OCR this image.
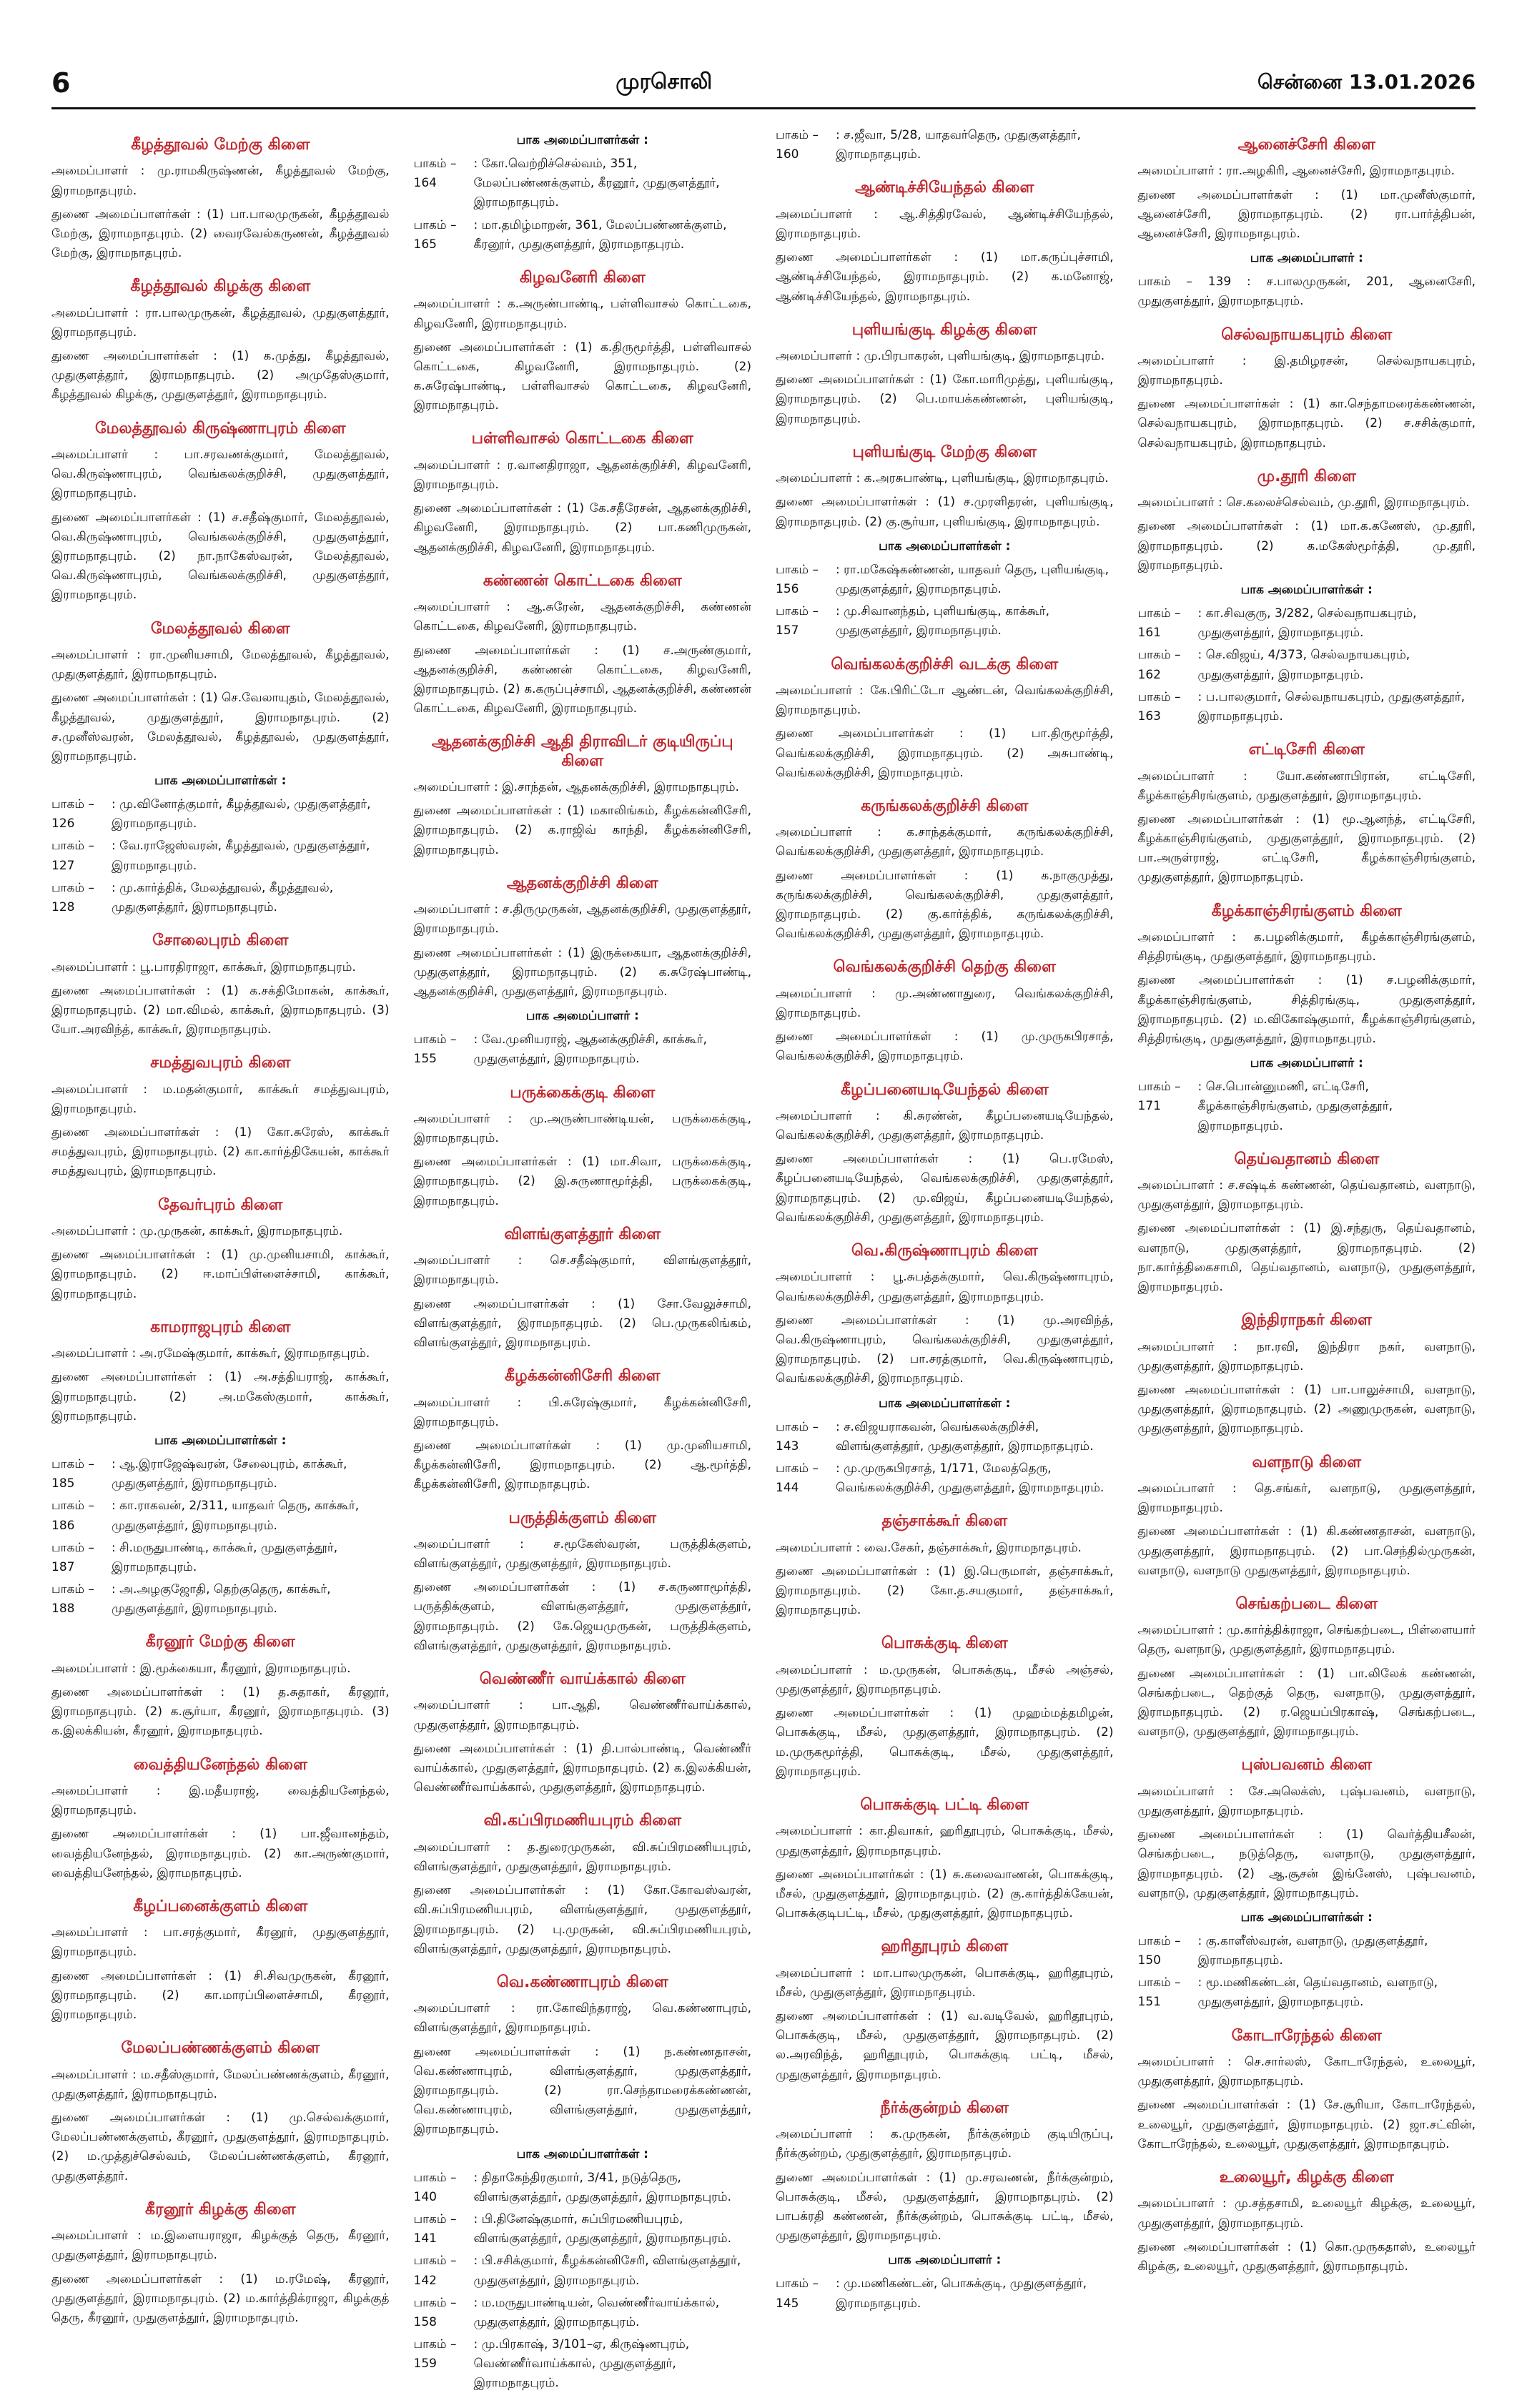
6	முரசொலி	சென்னை 13.01.2026
கீழத்தூவல் மேற்கு கிளை

அமைப்பாளர் : மு.ராமகிருஷ்ணன், கீழத்தூவல் மேற்கு, இராமநாதபுரம்.

துணை அமைப்பாளர்கள் : (1) பா.பாலமுருகன், கீழத்தூவல் மேற்கு, இராமநாதபுரம். (2) வைரவேல்கருணன், கீழத்தூவல் மேற்கு, இராமநாதபுரம்.

கீழத்தூவல் கிழக்கு கிளை

அமைப்பாளர் : ரா.பாலமுருகன், கீழத்தூவல், முதுகுளத்தூர், இராமநாதபுரம்.

துணை அமைப்பாளர்கள் : (1) க.முத்து, கீழத்தூவல், முதுகுளத்தூர், இராமநாதபுரம். (2) அமுதேஸ்குமார், கீழத்தூவல் கிழக்கு, முதுகுளத்தூர், இராமநாதபுரம்.

மேலத்தூவல் கிருஷ்ணாபுரம் கிளை

அமைப்பாளர் : பா.சரவணக்குமார், மேலத்தூவல், வெ.கிருஷ்ணாபுரம், வெங்கலக்குறிச்சி, முதுகுளத்தூர், இராமநாதபுரம்.

துணை அமைப்பாளர்கள் : (1) ச.சதீஷ்குமார், மேலத்தூவல், வெ.கிருஷ்ணாபுரம், வெங்கலக்குறிச்சி, முதுகுளத்தூர், இராமநாதபுரம். (2) நா.நாகேஸ்வரன், மேலத்தூவல், வெ.கிருஷ்ணாபுரம், வெங்கலக்குறிச்சி, முதுகுளத்தூர், இராமநாதபுரம்.

மேலத்தூவல் கிளை

அமைப்பாளர் : ரா.முனியசாமி, மேலத்தூவல், கீழத்தூவல், முதுகுளத்தூர், இராமநாதபுரம்.

துணை அமைப்பாளர்கள் : (1) செ.வேலாயுதம், மேலத்தூவல், கீழத்தூவல், முதுகுளத்தூர், இராமநாதபுரம். (2) ச.முனீஸ்வரன், மேலத்தூவல், கீழத்தூவல், முதுகுளத்தூர், இராமநாதபுரம்.

பாக அமைப்பாளர்கள் :
பாகம் – 126
: மு.வினோத்குமார், கீழத்தூவல், முதுகுளத்தூர், இராமநாதபுரம்.
பாகம் – 127
: வே.ராஜேஸ்வரன், கீழத்தூவல், முதுகுளத்தூர், இராமநாதபுரம்.
பாகம் – 128
: மு.கார்த்திக், மேலத்தூவல், கீழத்தூவல், முதுகுளத்தூர், இராமநாதபுரம்.
சோலைபுரம் கிளை

அமைப்பாளர் : பூ.பாரதிராஜா, காக்கூர், இராமநாதபுரம்.

துணை அமைப்பாளர்கள் : (1) க.சக்திமோகன், காக்கூர், இராமநாதபுரம். (2) மா.விமல், காக்கூர், இராமநாதபுரம். (3) யோ.அரவிந்த், காக்கூர், இராமநாதபுரம்.

சமத்துவபுரம் கிளை

அமைப்பாளர் : ம.மதன்குமார், காக்கூர் சமத்துவபுரம், இராமநாதபுரம்.

துணை அமைப்பாளர்கள் : (1) கோ.சுரேஸ், காக்கூர் சமத்துவபுரம், இராமநாதபுரம். (2) கா.கார்த்திகேயன், காக்கூர் சமத்துவபுரம், இராமநாதபுரம்.

தேவர்புரம் கிளை

அமைப்பாளர் : மு.முருகன், காக்கூர், இராமநாதபுரம்.

துணை அமைப்பாளர்கள் : (1) மு.முனியசாமி, காக்கூர், இராமநாதபுரம். (2) ஈ.மாப்பிள்ளைச்சாமி, காக்கூர், இராமநாதபுரம்.

காமராஜபுரம் கிளை

அமைப்பாளர் : அ.ரமேஷ்குமார், காக்கூர், இராமநாதபுரம்.

துணை அமைப்பாளர்கள் : (1) அ.சத்தியராஜ், காக்கூர், இராமநாதபுரம். (2) அ.மகேஸ்குமார், காக்கூர், இராமநாதபுரம்.

பாக அமைப்பாளர்கள் :
பாகம் – 185
: ஆ.இராஜேஷ்வரன், சேலைபுரம், காக்கூர், முதுகுளத்தூர், இராமநாதபுரம்.
பாகம் – 186
: கா.ராகவன், 2/311, யாதவர் தெரு, காக்கூர், முதுகுளத்தூர், இராமநாதபுரம்.
பாகம் – 187
: சி.மருதுபாண்டி, காக்கூர், முதுகுளத்தூர், இராமநாதபுரம்.
பாகம் – 188
: அ.அழகுஜோதி, தெற்குதெரு, காக்கூர், முதுகுளத்தூர், இராமநாதபுரம்.
கீரனூர் மேற்கு கிளை

அமைப்பாளர் : இ.மூக்கையா, கீரனூர், இராமநாதபுரம்.

துணை அமைப்பாளர்கள் : (1) த.சுதாகர், கீரனூர், இராமநாதபுரம். (2) க.சூர்யா, கீரனூர், இராமநாதபுரம். (3) க.இலக்கியன், கீரனூர், இராமநாதபுரம்.

வைத்தியனேந்தல் கிளை

அமைப்பாளர் : இ.மதீயராஜ், வைத்தியனேந்தல், இராமநாதபுரம்.

துணை அமைப்பாளர்கள் : (1) பா.ஜீவானந்தம், வைத்தியனேந்தல், இராமநாதபுரம். (2) கா.அருண்குமார், வைத்தியனேந்தல், இராமநாதபுரம்.

கீழப்பனைக்குளம் கிளை

அமைப்பாளர் : பா.சரத்குமார், கீரனூர், முதுகுளத்தூர், இராமநாதபுரம்.

துணை அமைப்பாளர்கள் : (1) சி.சிவமுருகன், கீரனூர், இராமநாதபுரம். (2) கா.மாரப்பிளைச்சாமி, கீரனூர், இராமநாதபுரம்.

மேலப்பண்ணக்குளம் கிளை

அமைப்பாளர் : ம.சதீஸ்குமார், மேலப்பண்ணக்குளம், கீரனூர், முதுகுளத்தூர், இராமநாதபுரம்.

துணை அமைப்பாளர்கள் : (1) மு.செல்வக்குமார், மேலப்பண்ணக்குளம், கீரனூர், முதுகுளத்தூர், இராமநாதபுரம். (2) ம.முத்துச்செல்வம், மேலப்பண்ணக்குளம், கீரனூர், முதுகுளத்தூர்.

கீரனூர் கிழக்கு கிளை

அமைப்பாளர் : ம.இளையராஜா, கிழக்குத் தெரு, கீரனூர், முதுகுளத்தூர், இராமநாதபுரம்.

துணை அமைப்பாளர்கள் : (1) ம.ரமேஷ், கீரனூர், முதுகுளத்தூர், இராமநாதபுரம். (2) ம.கார்த்திக்ராஜா, கிழக்குத் தெரு, கீரனூர், முதுகுளத்தூர், இராமநாதபுரம்.

பாக அமைப்பாளர்கள் :
பாகம் – 164
: கோ.வெற்றிச்செல்வம், 351, மேலப்பண்ணக்குளம், கீரனூர், முதுகுளத்தூர், இராமநாதபுரம்.
பாகம் – 165
: மா.தமிழ்மாறன், 361, மேலப்பண்ணக்குளம், கீரனூர், முதுகுளத்தூர், இராமநாதபுரம்.
கிழவனேரி கிளை

அமைப்பாளர் : க.அருண்பாண்டி, பள்ளிவாசல் கொட்டகை, கிழவனேரி, இராமநாதபுரம்.

துணை அமைப்பாளர்கள் : (1) க.திருமூர்த்தி, பள்ளிவாசல் கொட்டகை, கிழவனேரி, இராமநாதபுரம். (2) க.சுரேஷ்பாண்டி, பள்ளிவாசல் கொட்டகை, கிழவனேரி, இராமநாதபுரம்.

பள்ளிவாசல் கொட்டகை கிளை

அமைப்பாளர் : ர.வானதிராஜா, ஆதனக்குறிச்சி, கிழவனேரி, இராமநாதபுரம்.

துணை அமைப்பாளர்கள் : (1) கே.சதீரேசன், ஆதனக்குறிச்சி, கிழவனேரி, இராமநாதபுரம். (2) பா.கணிமுருகன், ஆதனக்குறிச்சி, கிழவனேரி, இராமநாதபுரம்.

கண்ணன் கொட்டகை கிளை

அமைப்பாளர் : ஆ.சுரேன், ஆதனக்குறிச்சி, கண்ணன் கொட்டகை, கிழவனேரி, இராமநாதபுரம்.

துணை அமைப்பாளர்கள் : (1) ச.அருண்குமார், ஆதனக்குறிச்சி, கண்ணன் கொட்டகை, கிழவனேரி, இராமநாதபுரம். (2) க.கருப்புச்சாமி, ஆதனக்குறிச்சி, கண்ணன் கொட்டகை, கிழவனேரி, இராமநாதபுரம்.

ஆதனக்குறிச்சி ஆதி திராவிடர் குடியிருப்பு கிளை

அமைப்பாளர் : இ.சாந்தன், ஆதனக்குறிச்சி, இராமநாதபுரம்.

துணை அமைப்பாளர்கள் : (1) மகாலிங்கம், கீழக்கன்னிசேரி, இராமநாதபுரம். (2) க.ராஜிவ் காந்தி, கீழக்கன்னிசேரி, இராமநாதபுரம்.

ஆதனக்குறிச்சி கிளை

அமைப்பாளர் : ச.திருமுருகன், ஆதனக்குறிச்சி, முதுகுளத்தூர், இராமநாதபுரம்.

துணை அமைப்பாளர்கள் : (1) இருக்கையா, ஆதனக்குறிச்சி, முதுகுளத்தூர், இராமநாதபுரம். (2) க.சுரேஷ்பாண்டி, ஆதனக்குறிச்சி, முதுகுளத்தூர், இராமநாதபுரம்.

பாக அமைப்பாளர் :
பாகம் – 155
: வே.முனியராஜ், ஆதனக்குறிச்சி, காக்கூர், முதுகுளத்தூர், இராமநாதபுரம்.
பருக்கைக்குடி கிளை

அமைப்பாளர் : மு.அருண்பாண்டியன், பருக்கைக்குடி, இராமநாதபுரம்.

துணை அமைப்பாளர்கள் : (1) மா.சிவா, பருக்கைக்குடி, இராமநாதபுரம். (2) இ.சுருணாமூர்த்தி, பருக்கைக்குடி, இராமநாதபுரம்.

விளங்குளத்தூர் கிளை

அமைப்பாளர் : செ.சதீஷ்குமார், விளங்குளத்தூர், இராமநாதபுரம்.

துணை அமைப்பாளர்கள் : (1) சோ.வேலுச்சாமி, விளங்குளத்தூர், இராமநாதபுரம். (2) பெ.முருகலிங்கம், விளங்குளத்தூர், இராமநாதபுரம்.

கீழக்கன்னிசேரி கிளை

அமைப்பாளர் : பி.சுரேஷ்குமார், கீழக்கன்னிசேரி, இராமநாதபுரம்.

துணை அமைப்பாளர்கள் : (1) மு.முனியசாமி, கீழக்கன்னிசேரி, இராமநாதபுரம். (2) ஆ.மூர்த்தி, கீழக்கன்னிசேரி, இராமநாதபுரம்.

பருத்திக்குளம் கிளை

அமைப்பாளர் : ச.மூகேஸ்வரன், பருத்திக்குளம், விளங்குளத்தூர், முதுகுளத்தூர், இராமநாதபுரம்.

துணை அமைப்பாளர்கள் : (1) ச.கருணாமூர்த்தி, பருத்திக்குளம், விளங்குளத்தூர், முதுகுளத்தூர், இராமநாதபுரம். (2) கே.ஜெயமுருகன், பருத்திக்குளம், விளங்குளத்தூர், முதுகுளத்தூர், இராமநாதபுரம்.

வெண்ணீர் வாய்க்கால் கிளை

அமைப்பாளர் : பா.ஆதி, வெண்ணீர்வாய்க்கால், முதுகுளத்தூர், இராமநாதபுரம்.

துணை அமைப்பாளர்கள் : (1) தி.பால்பாண்டி, வெண்ணீர் வாய்க்கால், முதுகுளத்தூர், இராமநாதபுரம். (2) க.இலக்கியன், வெண்ணீர்வாய்க்கால், முதுகுளத்தூர், இராமநாதபுரம்.

வி.கப்பிரமணியபுரம் கிளை

அமைப்பாளர் : த.துரைமுருகன், வி.சுப்பிரமணியபுரம், விளங்குளத்தூர், முதுகுளத்தூர், இராமநாதபுரம்.

துணை அமைப்பாளர்கள் : (1) கோ.கோவஸ்வரன், வி.சுப்பிரமணியபுரம், விளங்குளத்தூர், முதுகுளத்தூர், இராமநாதபுரம். (2) பு.முருகன், வி.சுப்பிரமணியபுரம், விளங்குளத்தூர், முதுகுளத்தூர், இராமநாதபுரம்.

வெ.கண்ணாபுரம் கிளை

அமைப்பாளர் : ரா.கோவிந்தராஜ், வெ.கண்ணாபுரம், விளங்குளத்தூர், இராமநாதபுரம்.

துணை அமைப்பாளர்கள் : (1) ந.கண்ணதாசன், வெ.கண்ணாபுரம், விளங்குளத்தூர், முதுகுளத்தூர், இராமநாதபுரம். (2) ரா.செந்தாமரைக்கண்ணன், வெ.கண்ணாபுரம், விளங்குளத்தூர், முதுகுளத்தூர், இராமநாதபுரம்.

பாக அமைப்பாளர்கள் :
பாகம் – 140
: திதாகேந்திரகுமார், 3/41, நடுத்தெரு, விளங்குளத்தூர், முதுகுளத்தூர், இராமநாதபுரம்.
பாகம் – 141
: பி.தினேஷ்குமார், சுப்பிரமணியபுரம், விளங்குளத்தூர், முதுகுளத்தூர், இராமநாதபுரம்.
பாகம் – 142
: பி.சசிக்குமார், கீழக்கன்னிசேரி, விளங்குளத்தூர், முதுகுளத்தூர், இராமநாதபுரம்.
பாகம் – 158
: ம.மருதுபாண்டியன், வெண்ணீர்வாய்க்கால், முதுகுளத்தூர், இராமநாதபுரம்.
பாகம் – 159
: மு.பிரகாஷ், 3/101–ஏ, கிருஷ்ணபுரம், வெண்ணீர்வாய்க்கால், முதுகுளத்தூர், இராமநாதபுரம்.
பாகம் – 160
: ச.ஜீவா, 5/28, யாதவர்தெரு, முதுகுளத்தூர், இராமநாதபுரம்.
ஆண்டிச்சியேந்தல் கிளை

அமைப்பாளர் : ஆ.சித்திரவேல், ஆண்டிச்சியேந்தல், இராமநாதபுரம்.

துணை அமைப்பாளர்கள் : (1) மா.கருப்புச்சாமி, ஆண்டிச்சியேந்தல், இராமநாதபுரம். (2) க.மனோஜ், ஆண்டிச்சியேந்தல், இராமநாதபுரம்.

புளியங்குடி கிழக்கு கிளை

அமைப்பாளர் : மு.பிரபாகரன், புளியங்குடி, இராமநாதபுரம்.

துணை அமைப்பாளர்கள் : (1) கோ.மாரிமுத்து, புளியங்குடி, இராமநாதபுரம். (2) பெ.மாயக்கண்ணன், புளியங்குடி, இராமநாதபுரம்.

புளியங்குடி மேற்கு கிளை

அமைப்பாளர் : க.அரசுபாண்டி, புளியங்குடி, இராமநாதபுரம்.

துணை அமைப்பாளர்கள் : (1) ச.முரளிதரன், புளியங்குடி, இராமநாதபுரம். (2) கு.சூர்யா, புளியங்குடி, இராமநாதபுரம்.

பாக அமைப்பாளர்கள் :
பாகம் – 156
: ரா.மகேஷ்கண்ணன், யாதவர் தெரு, புளியங்குடி, முதுகுளத்தூர், இராமநாதபுரம்.
பாகம் – 157
: மு.சிவானந்தம், புளியங்குடி, காக்கூர், முதுகுளத்தூர், இராமநாதபுரம்.
வெங்கலக்குறிச்சி வடக்கு கிளை

அமைப்பாளர் : கே.பிரிட்டோ ஆண்டன், வெங்கலக்குறிச்சி, இராமநாதபுரம்.

துணை அமைப்பாளர்கள் : (1) பா.திருமூர்த்தி, வெங்கலக்குறிச்சி, இராமநாதபுரம். (2) அசுபாண்டி, வெங்கலக்குறிச்சி, இராமநாதபுரம்.

கருங்கலக்குறிச்சி கிளை

அமைப்பாளர் : க.சாந்தக்குமார், கருங்கலக்குறிச்சி, வெங்கலக்குறிச்சி, முதுகுளத்தூர், இராமநாதபுரம்.

துணை அமைப்பாளர்கள் : (1) க.நாகுமுத்து, கருங்கலக்குறிச்சி, வெங்கலக்குறிச்சி, முதுகுளத்தூர், இராமநாதபுரம். (2) கு.கார்த்திக், கருங்கலக்குறிச்சி, வெங்கலக்குறிச்சி, முதுகுளத்தூர், இராமநாதபுரம்.

வெங்கலக்குறிச்சி தெற்கு கிளை

அமைப்பாளர் : மு.அண்ணாதுரை, வெங்கலக்குறிச்சி, இராமநாதபுரம்.

துணை அமைப்பாளர்கள் : (1) மு.முருகபிரசாத், வெங்கலக்குறிச்சி, இராமநாதபுரம்.

கீழப்பனையடியேந்தல் கிளை

அமைப்பாளர் : கி.சுரண்ன், கீழப்பனையடியேந்தல், வெங்கலக்குறிச்சி, முதுகுளத்தூர், இராமநாதபுரம்.

துணை அமைப்பாளர்கள் : (1) பெ.ரமேஸ், கீழப்பனையடியேந்தல், வெங்கலக்குறிச்சி, முதுகுளத்தூர், இராமநாதபுரம். (2) மு.விஜய், கீழப்பனையடியேந்தல், வெங்கலக்குறிச்சி, முதுகுளத்தூர், இராமநாதபுரம்.

வெ.கிருஷ்ணாபுரம் கிளை

அமைப்பாளர் : பூ.சுபத்தக்குமார், வெ.கிருஷ்ணாபுரம், வெங்கலக்குறிச்சி, முதுகுளத்தூர், இராமநாதபுரம்.

துணை அமைப்பாளர்கள் : (1) மு.அரவிந்த், வெ.கிருஷ்ணாபுரம், வெங்கலக்குறிச்சி, முதுகுளத்தூர், இராமநாதபுரம். (2) பா.சரத்குமார், வெ.கிருஷ்ணாபுரம், வெங்கலக்குறிச்சி, இராமநாதபுரம்.

பாக அமைப்பாளர்கள் :
பாகம் – 143
: ச.விஜயராகவன், வெங்கலக்குறிச்சி, விளங்குளத்தூர், முதுகுளத்தூர், இராமநாதபுரம்.
பாகம் – 144
: மு.முருகபிரசாத், 1/171, மேலத்தெரு, வெங்கலக்குறிச்சி, முதுகுளத்தூர், இராமநாதபுரம்.
தஞ்சாக்கூர் கிளை

அமைப்பாளர் : வை.சேகர், தஞ்சாக்கூர், இராமநாதபுரம்.

துணை அமைப்பாளர்கள் : (1) இ.பெருமாள், தஞ்சாக்கூர், இராமநாதபுரம். (2) கோ.த.சயகுமார், தஞ்சாக்கூர், இராமநாதபுரம்.

பொசுக்குடி கிளை

அமைப்பாளர் : ம.முருகன், பொசுக்குடி, மீசல் அஞ்சல், முதுகுளத்தூர், இராமநாதபுரம்.

துணை அமைப்பாளர்கள் : (1) முஹம்மத்தமிழன், பொசுக்குடி, மீசல், முதுகுளத்தூர், இராமநாதபுரம். (2) ம.முருகமூர்த்தி, பொசுக்குடி, மீசல், முதுகுளத்தூர், இராமநாதபுரம்.

பொசுக்குடி பட்டி கிளை

அமைப்பாளர் : கா.திவாகர், ஹரிதூபுரம், பொசுக்குடி, மீசல், முதுகுளத்தூர், இராமநாதபுரம்.

துணை அமைப்பாளர்கள் : (1) சு.கலைவாணன், பொசுக்குடி, மீசல், முதுகுளத்தூர், இராமநாதபுரம். (2) கு.கார்த்திக்கேயன், பொசுக்குடிபட்டி, மீசல், முதுகுளத்தூர், இராமநாதபுரம்.

ஹரிதூபுரம் கிளை

அமைப்பாளர் : மா.பாலமுருகன், பொசுக்குடி, ஹரிதூபுரம், மீசல், முதுகுளத்தூர், இராமநாதபுரம்.

துணை அமைப்பாளர்கள் : (1) வ.வடிவேல், ஹரிதூபுரம், பொசுக்குடி, மீசல், முதுகுளத்தூர், இராமநாதபுரம். (2) ல.அரவிந்த், ஹரிதூபுரம், பொசுக்குடி பட்டி, மீசல், முதுகுளத்தூர், இராமநாதபுரம்.

நீர்க்குன்றம் கிளை

அமைப்பாளர் : க.முருகன், நீர்க்குன்றம் குடியிருப்பு, நீர்க்குன்றம், முதுகுளத்தூர், இராமநாதபுரம்.

துணை அமைப்பாளர்கள் : (1) மு.சரவணன், நீர்க்குன்றம், பொசுக்குடி, மீசல், முதுகுளத்தூர், இராமநாதபுரம். (2) பாபக்ரதி கண்ணன், நீர்க்குன்றம், பொசுக்குடி பட்டி, மீசல், முதுகுளத்தூர், இராமநாதபுரம்.

பாக அமைப்பாளர் :
பாகம் – 145
: மு.மணிகண்டன், பொசுக்குடி, முதுகுளத்தூர், இராமநாதபுரம்.
ஆனைச்சேரி கிளை

அமைப்பாளர் : ரா.அழகிரி, ஆனைச்சேரி, இராமநாதபுரம்.

துணை அமைப்பாளர்கள் : (1) மா.முனீஸ்குமார், ஆனைச்சேரி, இராமநாதபுரம். (2) ரா.பார்த்திபன், ஆனைச்சேரி, இராமநாதபுரம்.

பாக அமைப்பாளர் :

பாகம் – 139 : ச.பாலமுருகன், 201, ஆனைசேரி, முதுகுளத்தூர், இராமநாதபுரம்.

செல்வநாயகபுரம் கிளை

அமைப்பாளர் : இ.தமிழரசன், செல்வநாயகபுரம், இராமநாதபுரம்.

துணை அமைப்பாளர்கள் : (1) கா.செந்தாமரைக்கண்ணன், செல்வநாயகபுரம், இராமநாதபுரம். (2) ச.சசிக்குமார், செல்வநாயகபுரம், இராமநாதபுரம்.

மு.தூரி கிளை

அமைப்பாளர் : செ.கலைச்செல்வம், மு.தூரி, இராமநாதபுரம்.

துணை அமைப்பாளர்கள் : (1) மா.க.கணேஸ், மு.தூரி, இராமநாதபுரம். (2) க.மகேஸ்மூர்த்தி, மு.தூரி, இராமநாதபுரம்.

பாக அமைப்பாளர்கள் :
பாகம் – 161
: கா.சிவகுரு, 3/282, செல்வநாயகபுரம், முதுகுளத்தூர், இராமநாதபுரம்.
பாகம் – 162
: செ.விஜய், 4/373, செல்வநாயகபுரம், முதுகுளத்தூர், இராமநாதபுரம்.
பாகம் – 163
: ப.பாலகுமார், செல்வநாயகபுரம், முதுகுளத்தூர், இராமநாதபுரம்.
எட்டிசேரி கிளை

அமைப்பாளர் : யோ.கண்ணாபிரான், எட்டிசேரி, கீழக்காஞ்சிரங்குளம், முதுகுளத்தூர், இராமநாதபுரம்.

துணை அமைப்பாளர்கள் : (1) மூ.ஆனந்த், எட்டிசேரி, கீழக்காஞ்சிரங்குளம், முதுகுளத்தூர், இராமநாதபுரம். (2) பா.அருள்ராஜ், எட்டிசேரி, கீழக்காஞ்சிரங்குளம், முதுகுளத்தூர், இராமநாதபுரம்.

கீழக்காஞ்சிரங்குளம் கிளை

அமைப்பாளர் : க.பழனிக்குமார், கீழக்காஞ்சிரங்குளம், சித்திரங்குடி, முதுகுளத்தூர், இராமநாதபுரம்.

துணை அமைப்பாளர்கள் : (1) ச.பழனிக்குமார், கீழக்காஞ்சிரங்குளம், சித்திரங்குடி, முதுகுளத்தூர், இராமநாதபுரம். (2) ம.விகோஷ்குமார், கீழக்காஞ்சிரங்குளம், சித்திரங்குடி, முதுகுளத்தூர், இராமநாதபுரம்.

பாக அமைப்பாளர் :
பாகம் – 171
: செ.பொன்னுமணி, எட்டிசேரி, கீழக்காஞ்சிரங்குளம், முதுகுளத்தூர், இராமநாதபுரம்.
தெய்வதானம் கிளை

அமைப்பாளர் : ச.சஷ்டிக் கண்ணன், தெய்வதானம், வளநாடு, முதுகுளத்தூர், இராமநாதபுரம்.

துணை அமைப்பாளர்கள் : (1) இ.சந்துரு, தெய்வதானம், வளநாடு, முதுகுளத்தூர், இராமநாதபுரம். (2) நா.கார்த்திகைசாமி, தெய்வதானம், வளநாடு, முதுகுளத்தூர், இராமநாதபுரம்.

இந்திராநகர் கிளை

அமைப்பாளர் : நா.ரவி, இந்திரா நகர், வளநாடு, முதுகுளத்தூர், இராமநாதபுரம்.

துணை அமைப்பாளர்கள் : (1) பா.பாலுச்சாமி, வளநாடு, முதுகுளத்தூர், இராமநாதபுரம். (2) அணுமுருகன், வளநாடு, முதுகுளத்தூர், இராமநாதபுரம்.

வளநாடு கிளை

அமைப்பாளர் : தெ.சங்கர், வளநாடு, முதுகுளத்தூர், இராமநாதபுரம்.

துணை அமைப்பாளர்கள் : (1) கி.கண்ணதாசன், வளநாடு, முதுகுளத்தூர், இராமநாதபுரம். (2) பா.செந்தில்முருகன், வளநாடு, வளநாடு முதுகுளத்தூர், இராமநாதபுரம்.

செங்கற்படை கிளை

அமைப்பாளர் : மு.கார்த்திக்ராஜா, செங்கற்படை, பிள்ளையார் தெரு, வளநாடு, முதுகுளத்தூர், இராமநாதபுரம்.

துணை அமைப்பாளர்கள் : (1) பா.லிலேக் கண்ணன், செங்கற்படை, தெற்குத் தெரு, வளநாடு, முதுகுளத்தூர், இராமநாதபுரம். (2) ர.ஜெயப்பிரகாஷ், செங்கற்படை, வளநாடு, முதுகுளத்தூர், இராமநாதபுரம்.

புஸ்பவனம் கிளை

அமைப்பாளர் : சே.அலெக்ஸ், புஷ்பவனம், வளநாடு, முதுகுளத்தூர், இராமநாதபுரம்.

துணை அமைப்பாளர்கள் : (1) வெர்த்தியசீலன், செங்கற்படை, நடுத்தெரு, வளநாடு, முதுகுளத்தூர், இராமநாதபுரம். (2) ஆ.சூசன் இங்னேஸ், புஷ்பவனம், வளநாடு, முதுகுளத்தூர், இராமநாதபுரம்.

பாக அமைப்பாளர்கள் :
பாகம் – 150
: கு.காளீஸ்வரன், வளநாடு, முதுகுளத்தூர், இராமநாதபுரம்.
பாகம் – 151
: மூ.மணிகண்டன், தெய்வதானம், வளநாடு, முதுகுளத்தூர், இராமநாதபுரம்.
கோடாரேந்தல் கிளை

அமைப்பாளர் : செ.சார்லஸ், கோடாரேந்தல், உலையூர், முதுகுளத்தூர், இராமநாதபுரம்.

துணை அமைப்பாளர்கள் : (1) சே.சூரியா, கோடாரேந்தல், உலையூர், முதுகுளத்தூர், இராமநாதபுரம். (2) ஜா.சட்வின், கோடாரேந்தல், உலையூர், முதுகுளத்தூர், இராமநாதபுரம்.

உலையூர், கிழக்கு கிளை

அமைப்பாளர் : மு.சத்தசாமி, உலையூர் கிழக்கு, உலையூர், முதுகுளத்தூர், இராமநாதபுரம்.

துணை அமைப்பாளர்கள் : (1) கொ.முருகதாஸ், உலையூர் கிழக்கு, உலையூர், முதுகுளத்தூர், இராமநாதபுரம்.
